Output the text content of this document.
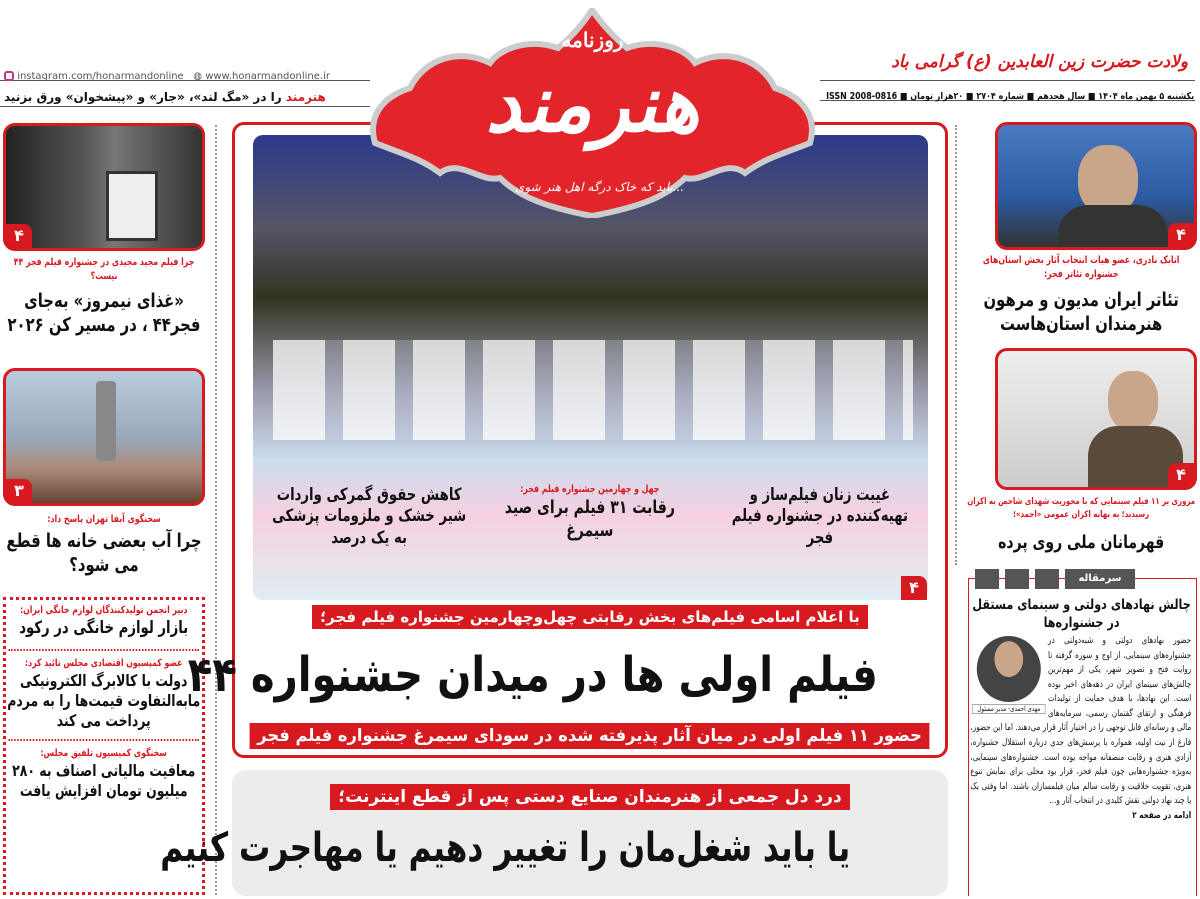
ولادت حضرت زین العابدین (ع) گرامی باد
یکشنبه ۵ بهمن ماه ۱۴۰۴ ■ سال هجدهم ■ شماره ۲۷۰۴ ■ ۲۰هزار تومان ■ ISSN 2008-0816
instagram.com/honarmandonline ◍ www.honarmandonline.ir
هنرمند را در «مگ لند»، «جار» و «پیشخوان» ورق بزنید
روزنامه
هنرمند
...باید که خاک درگه اهل هنر شوی
۴
چرا فیلم مجید مجیدی در جشنواره فیلم فجر ۴۴ نیست؟
«غذای نیمروز» به‌جای فجر۴۴ ، در مسیر کن ۲۰۲۶
۳
سخنگوی آبفا تهران پاسخ داد:
چرا آب بعضی خانه ها قطع می شود؟
دبیر انجمن تولیدکنندگان لوازم خانگی ایران:
بازار لوازم خانگی در رکود
عضو کمیسیون اقتصادی مجلس تائید کرد:
دولت با کالابرگ الکترونیکی مابه‌التفاوت قیمت‌ها را به مردم پرداخت می کند
سخنگوی کمیسیون تلفیق مجلس:
معافیت مالیاتی اصناف به ۲۸۰ میلیون تومان افزایش یافت
غیبت زنان فیلم‌ساز و تهیه‌کننده در جشنواره فیلم فجر
چهل و چهارمین جشنواره فیلم فجر:
رقابت ۳۱ فیلم برای صید سیمرغ
کاهش حقوق گمرکی واردات شیر خشک و ملزومات پزشکی به یک درصد
۴
با اعلام اسامی فیلم‌های بخش رقابتی چهل‌وچهارمین جشنواره فیلم فجر؛
فیلم اولی ها در میدان جشنواره ۴۴
حضور ۱۱ فیلم اولی در میان آثار پذیرفته شده در سودای سیمرغ جشنواره فیلم فجر
درد دل جمعی از هنرمندان صنایع دستی پس از قطع اینترنت؛
یا باید شغل‌مان را تغییر دهیم یا مهاجرت کنیم
۴
اتابک نادری، عضو هیات انتخاب آثار بخش استان‌های جشنواره تئاتر فجر:
تئاتر ایران مدیون و مرهون هنرمندان استان‌هاست
۴
مروری بر ۱۱ فیلم سینمایی که با محوریت شهدای شاخص به اکران رسیدند؛ به بهانه اکران عمومی «احمد»؛
قهرمانان ملی روی پرده
سرمقاله
چالش نهادهای دولتی و سینمای مستقل در جشنواره‌ها
مهدی احمدی- مدیر مسئول
حضور نهادهای دولتی و شبه‌دولتی در جشنواره‌های سینمایی، از اوج و سوره گرفته تا روایت فتح و تصویر شهر، یکی از مهم‌ترین چالش‌های سینمای ایران در دهه‌های اخیر بوده است. این نهادها، با هدف حمایت از تولیدات فرهنگی و ارتقای گفتمان رسمی، سرمایه‌های مالی و رسانه‌ای قابل توجهی را در اختیار آثار قرار می‌دهند. اما این حضور، فارغ از نیت اولیه، همواره با پرسش‌های جدی درباره استقلال جشنواره، آزادی هنری و رقابت منصفانه مواجه بوده است. جشنواره‌های سینمایی، به‌ویژه جشنواره‌هایی چون فیلم فجر، قرار بود محلی برای نمایش تنوع هنری، تقویت خلاقیت و رقابت سالم میان فیلمسازان باشند. اما وقتی یک یا چند نهاد دولتی نقش کلیدی در انتخاب آثار و...
ادامه در صفحه ۲
